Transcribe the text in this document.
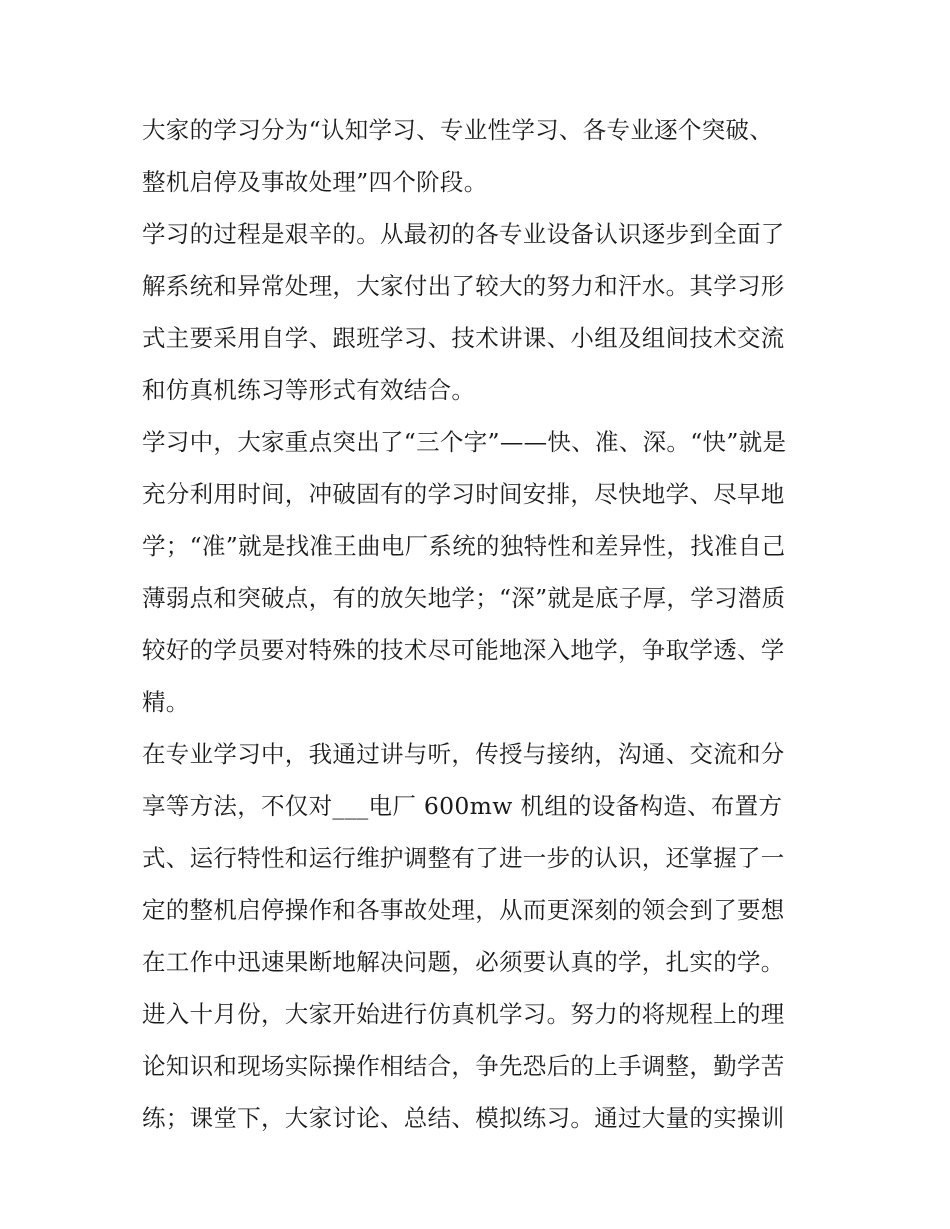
大家的学习分为“认知学习、专业性学习、各专业逐个突破、
整机启停及事故处理”四个阶段。
学习的过程是艰辛的。从最初的各专业设备认识逐步到全面了
解系统和异常处理，大家付出了较大的努力和汗水。其学习形
式主要采用自学、跟班学习、技术讲课、小组及组间技术交流
和仿真机练习等形式有效结合。
学习中，大家重点突出了“三个字”——快、准、深。“快”就是
充分利用时间，冲破固有的学习时间安排，尽快地学、尽早地
学；“准”就是找准王曲电厂系统的独特性和差异性，找准自己
薄弱点和突破点，有的放矢地学；“深”就是底子厚，学习潜质
较好的学员要对特殊的技术尽可能地深入地学，争取学透、学
精。
在专业学习中，我通过讲与听，传授与接纳，沟通、交流和分
享等方法，不仅对___电厂 600mw 机组的设备构造、布置方
式、运行特性和运行维护调整有了进一步的认识，还掌握了一
定的整机启停操作和各事故处理，从而更深刻的领会到了要想
在工作中迅速果断地解决问题，必须要认真的学，扎实的学。
进入十月份，大家开始进行仿真机学习。努力的将规程上的理
论知识和现场实际操作相结合，争先恐后的上手调整，勤学苦
练；课堂下，大家讨论、总结、模拟练习。通过大量的实操训
